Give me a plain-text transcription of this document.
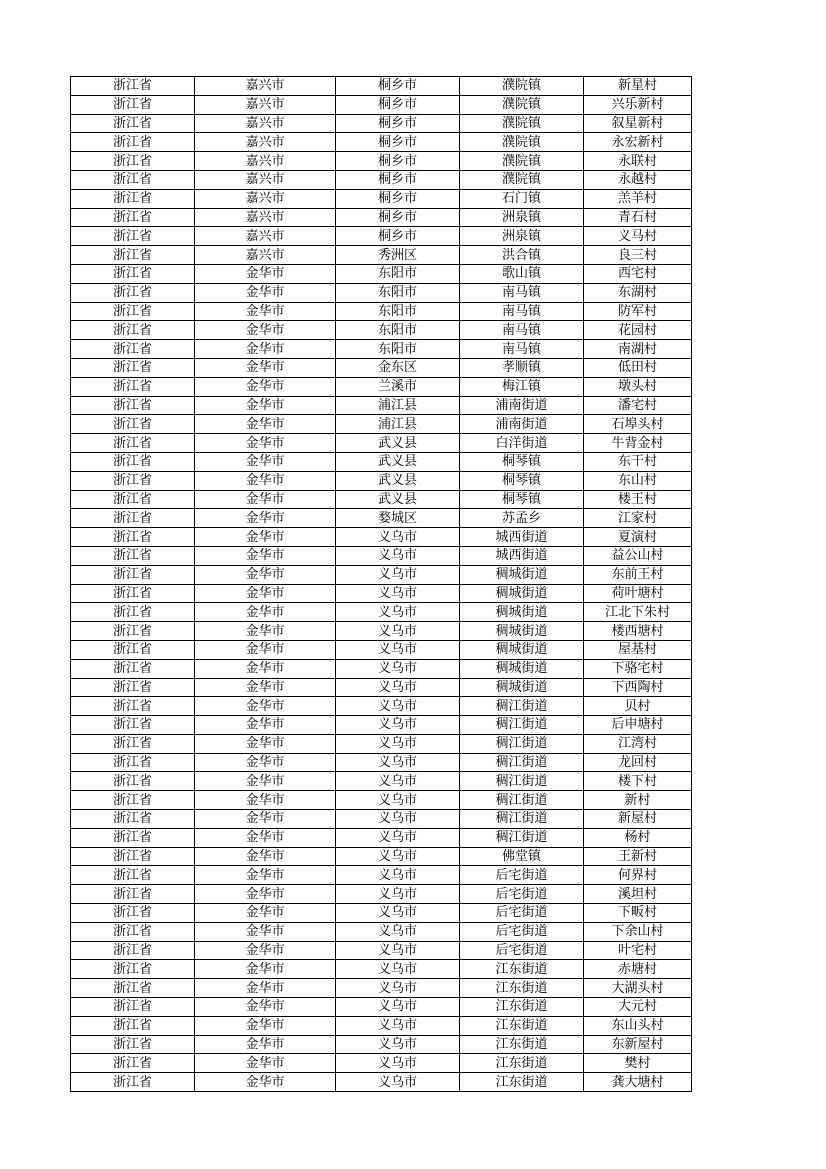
浙江省	嘉兴市	桐乡市	濮院镇	新星村
浙江省	嘉兴市	桐乡市	濮院镇	兴乐新村
浙江省	嘉兴市	桐乡市	濮院镇	叙星新村
浙江省	嘉兴市	桐乡市	濮院镇	永宏新村
浙江省	嘉兴市	桐乡市	濮院镇	永联村
浙江省	嘉兴市	桐乡市	濮院镇	永越村
浙江省	嘉兴市	桐乡市	石门镇	羔羊村
浙江省	嘉兴市	桐乡市	洲泉镇	青石村
浙江省	嘉兴市	桐乡市	洲泉镇	义马村
浙江省	嘉兴市	秀洲区	洪合镇	良三村
浙江省	金华市	东阳市	歌山镇	西宅村
浙江省	金华市	东阳市	南马镇	东湖村
浙江省	金华市	东阳市	南马镇	防军村
浙江省	金华市	东阳市	南马镇	花园村
浙江省	金华市	东阳市	南马镇	南湖村
浙江省	金华市	金东区	孝顺镇	低田村
浙江省	金华市	兰溪市	梅江镇	墩头村
浙江省	金华市	浦江县	浦南街道	潘宅村
浙江省	金华市	浦江县	浦南街道	石埠头村
浙江省	金华市	武义县	白洋街道	牛背金村
浙江省	金华市	武义县	桐琴镇	东干村
浙江省	金华市	武义县	桐琴镇	东山村
浙江省	金华市	武义县	桐琴镇	楼王村
浙江省	金华市	婺城区	苏孟乡	江家村
浙江省	金华市	义乌市	城西街道	夏演村
浙江省	金华市	义乌市	城西街道	益公山村
浙江省	金华市	义乌市	稠城街道	东前王村
浙江省	金华市	义乌市	稠城街道	荷叶塘村
浙江省	金华市	义乌市	稠城街道	江北下朱村
浙江省	金华市	义乌市	稠城街道	楼西塘村
浙江省	金华市	义乌市	稠城街道	屋基村
浙江省	金华市	义乌市	稠城街道	下骆宅村
浙江省	金华市	义乌市	稠城街道	下西陶村
浙江省	金华市	义乌市	稠江街道	贝村
浙江省	金华市	义乌市	稠江街道	后申塘村
浙江省	金华市	义乌市	稠江街道	江湾村
浙江省	金华市	义乌市	稠江街道	龙回村
浙江省	金华市	义乌市	稠江街道	楼下村
浙江省	金华市	义乌市	稠江街道	新村
浙江省	金华市	义乌市	稠江街道	新屋村
浙江省	金华市	义乌市	稠江街道	杨村
浙江省	金华市	义乌市	佛堂镇	王新村
浙江省	金华市	义乌市	后宅街道	何界村
浙江省	金华市	义乌市	后宅街道	溪坦村
浙江省	金华市	义乌市	后宅街道	下畈村
浙江省	金华市	义乌市	后宅街道	下余山村
浙江省	金华市	义乌市	后宅街道	叶宅村
浙江省	金华市	义乌市	江东街道	赤塘村
浙江省	金华市	义乌市	江东街道	大湖头村
浙江省	金华市	义乌市	江东街道	大元村
浙江省	金华市	义乌市	江东街道	东山头村
浙江省	金华市	义乌市	江东街道	东新屋村
浙江省	金华市	义乌市	江东街道	樊村
浙江省	金华市	义乌市	江东街道	龚大塘村
